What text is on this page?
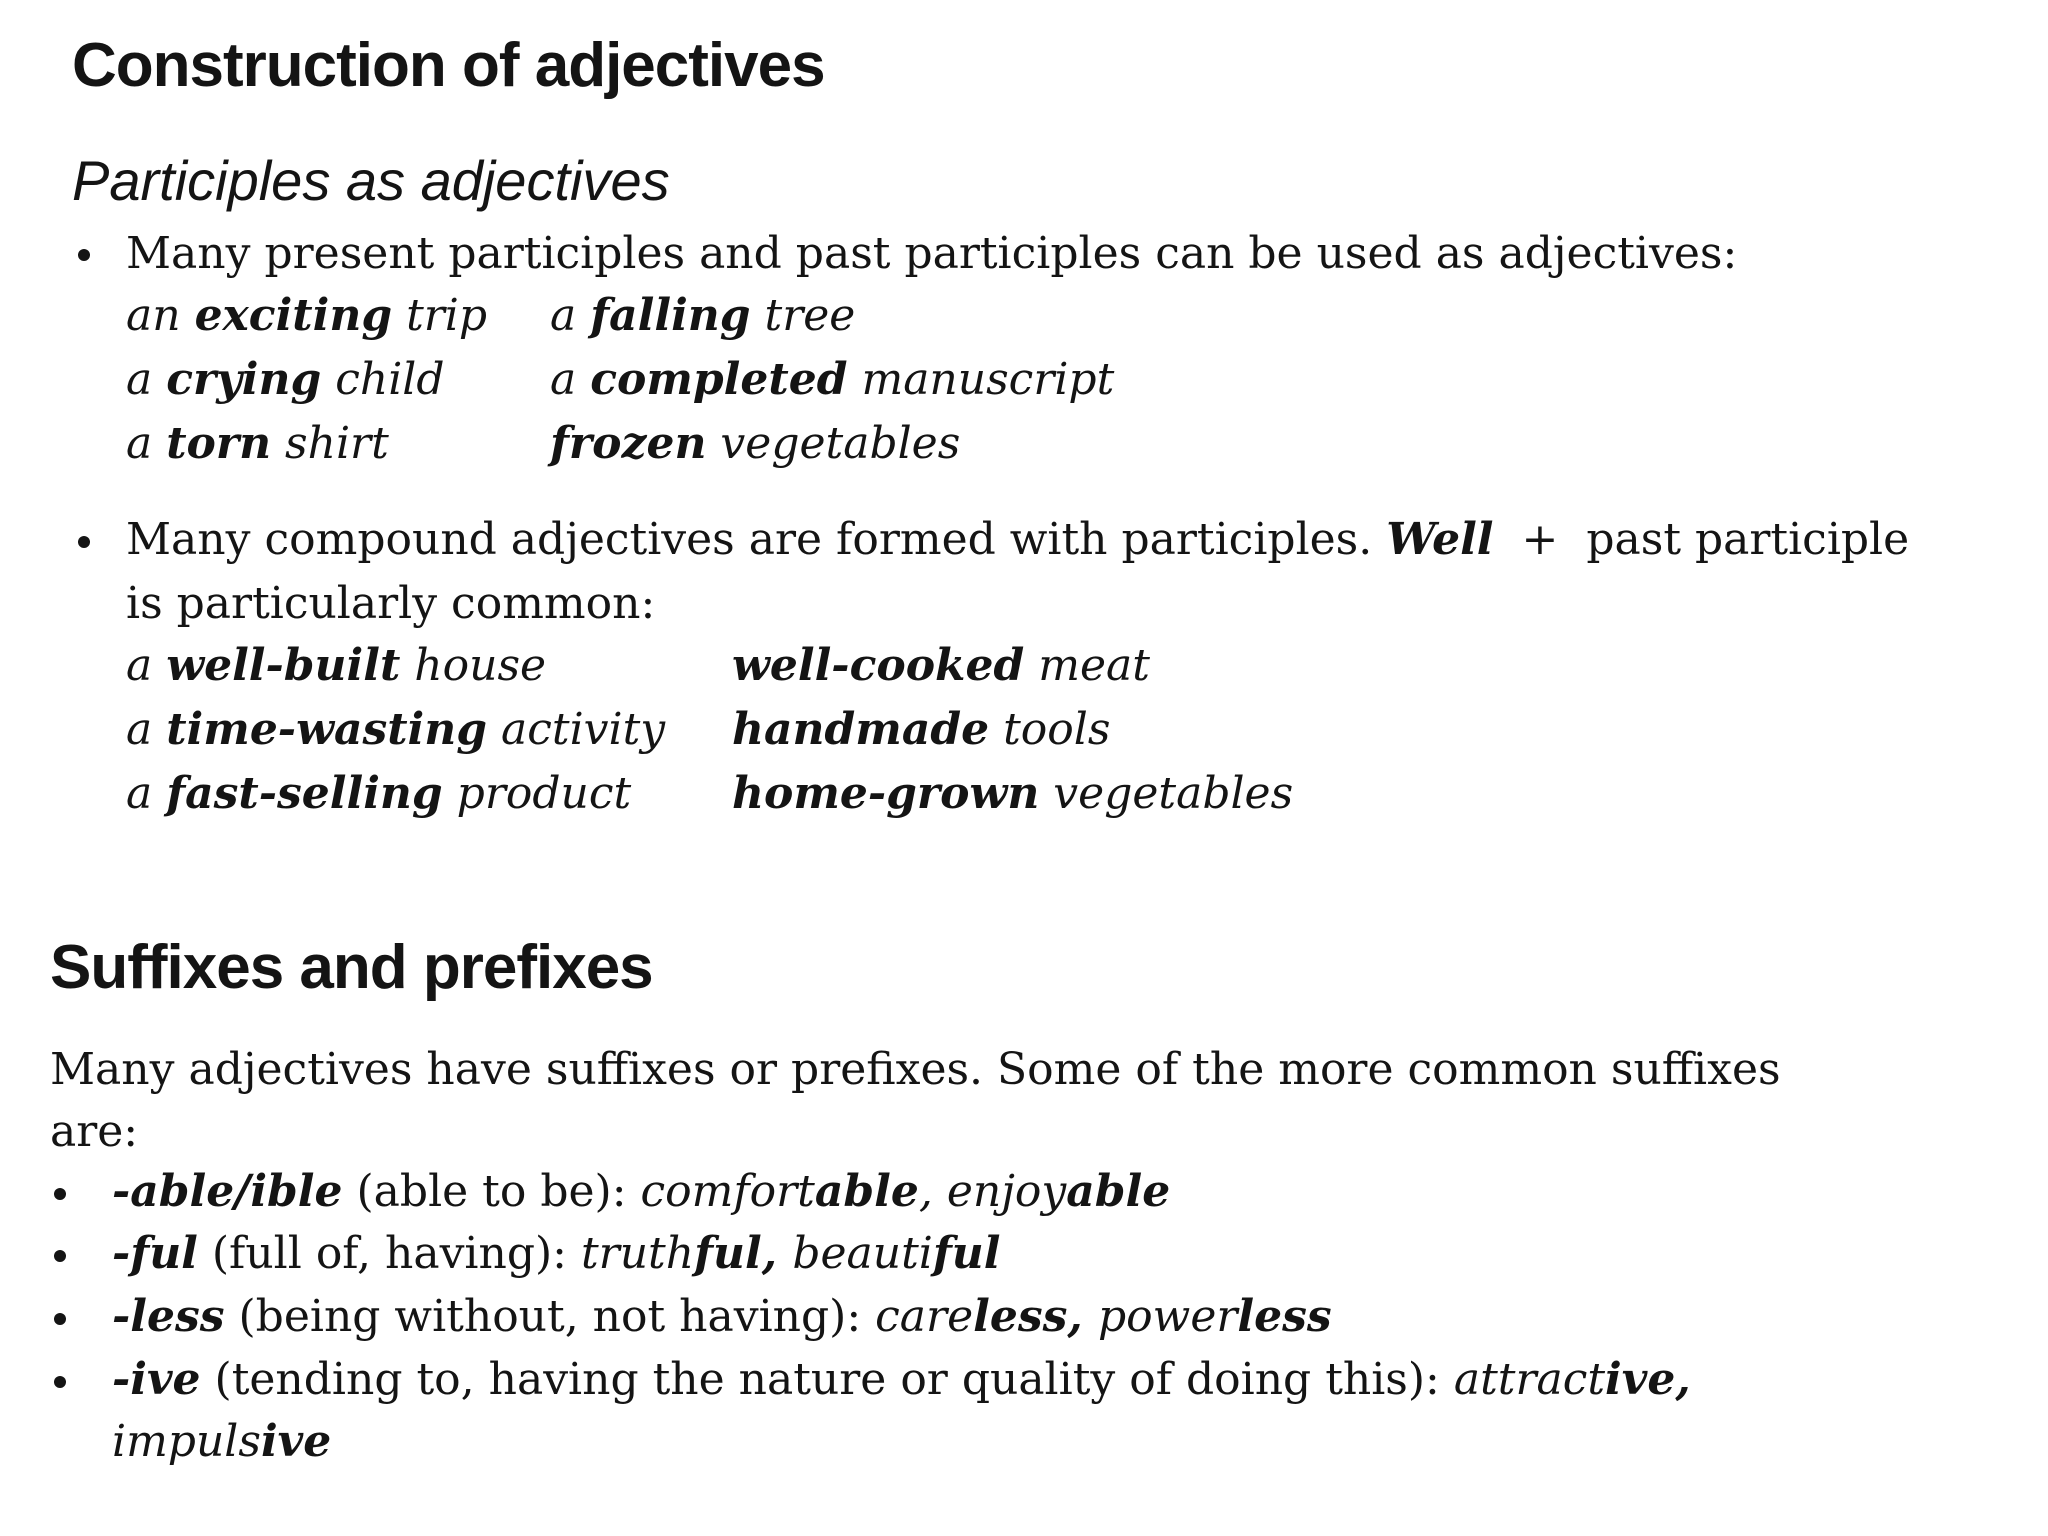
Construction of adjectives
Participles as adjectives
Many present participles and past participles can be used as adjectives:
an exciting trip a falling tree
a crying child a completed manuscript
a torn shirt	frozen vegetables
Many compound adjectives are formed with participles. Well + past participle
is particularly common:
a well-built house	well-cooked meat
a time-wasting activity handmade tools
a fast-selling product home-grown vegetables
Suffixes and prefixes
Many adjectives have suffixes or prefixes. Some of the more common suffixes
are:
-able/ible (able to be): comfortable, enjoyable
-ful (full of, having): truthful, beautiful
-less (being without, not having): careless, powerless
-ive (tending to, having the nature or quality of doing this): attractive,
impulsive
